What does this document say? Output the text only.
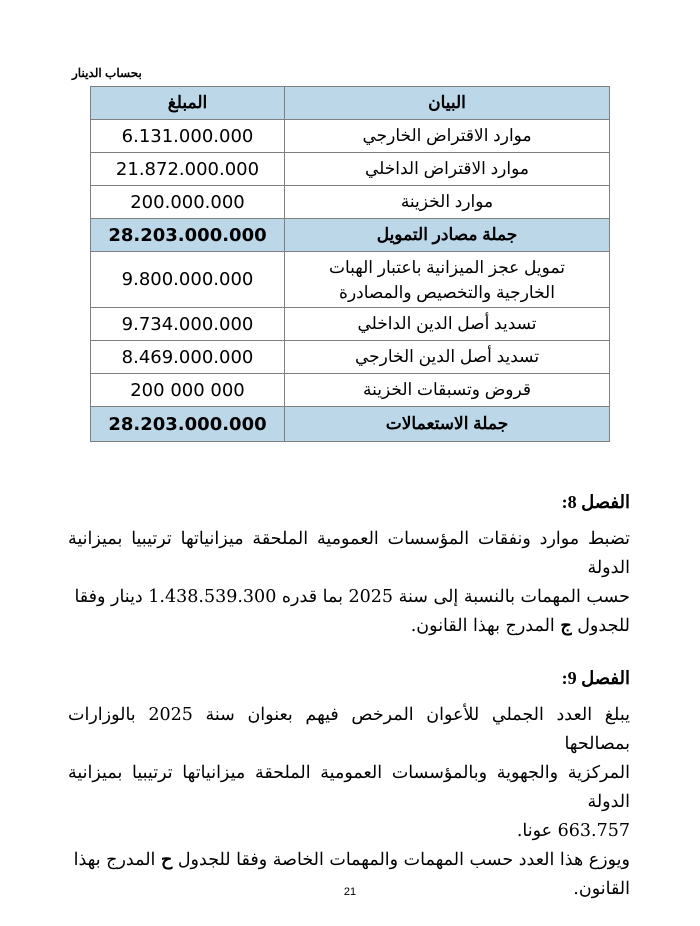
بحساب الدينار
البيان	المبلغ
موارد الاقتراض الخارجي	6.131.000.000
موارد الاقتراض الداخلي	21.872.000.000
موارد الخزينة	200.000.000
جملة مصادر التمويل	28.203.000.000

تمويل عجز الميزانية باعتبار الهبات
الخارجية والتخصيص والمصادرة	9.800.000.000
تسديد أصل الدين الداخلي	9.734.000.000
تسديد أصل الدين الخارجي	8.469.000.000
قروض وتسبقات الخزينة	200 000 000
جملة الاستعمالات	28.203.000.000
الفصل 8:
تضبط موارد ونفقات المؤسسات العمومية الملحقة ميزانياتها ترتيبيا بميزانية الدولة
حسب المهمات بالنسبة إلى سنة 2025 بما قدره 1.438.539.300 دينار وفقا
للجدول ج المدرج بهذا القانون.
الفصل 9:
يبلغ العدد الجملي للأعوان المرخص فيهم بعنوان سنة 2025 بالوزارات بمصالحها
المركزية والجهوية وبالمؤسسات العمومية الملحقة ميزانياتها ترتيبيا بميزانية الدولة
663.757 عونا.
ويوزع هذا العدد حسب المهمات والمهمات الخاصة وفقا للجدول ح المدرج بهذا
القانون.
21
